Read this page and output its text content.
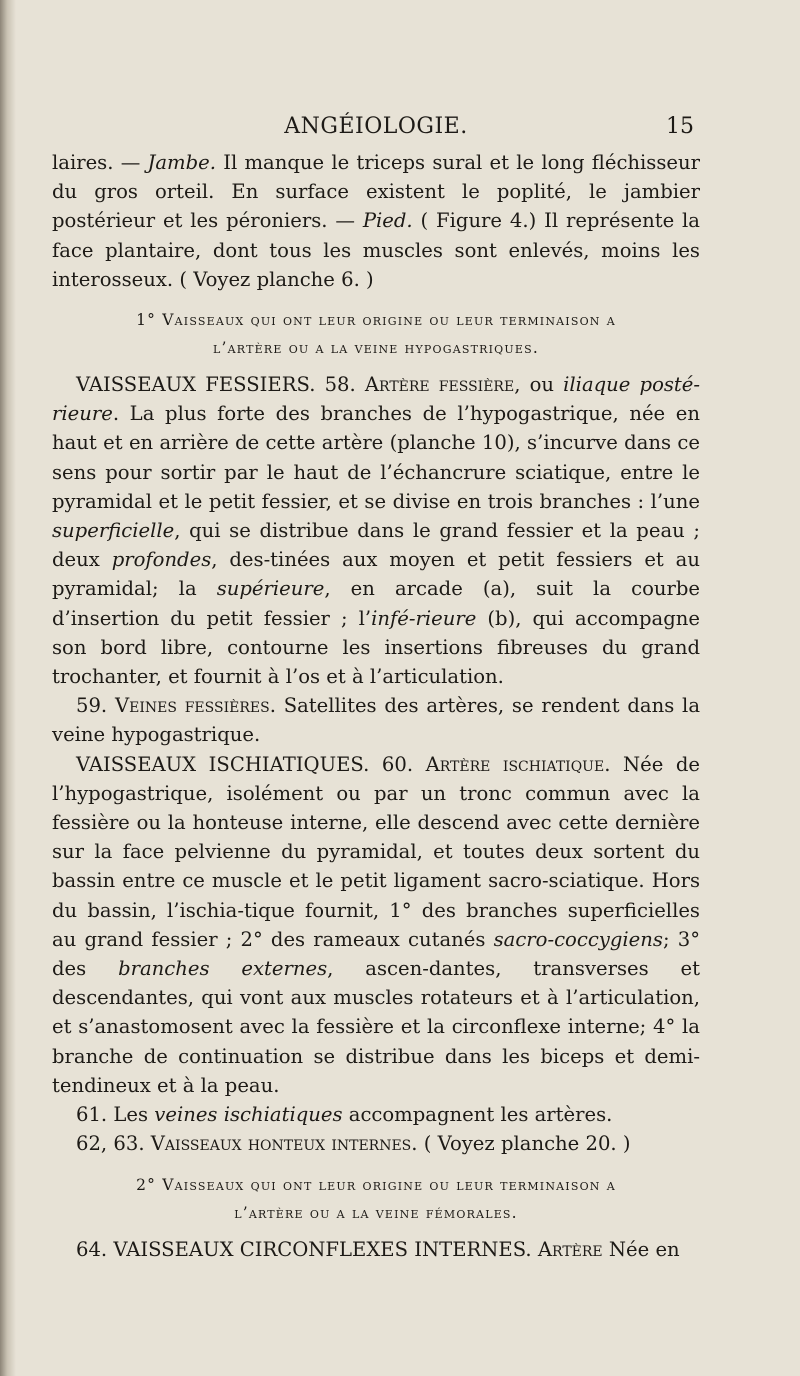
ANGÉIOLOGIE.	15

laires. — Jambe. Il manque le triceps sural et le long fléchisseur du gros orteil. En surface existent le poplité, le jambier postérieur et les péroniers. — Pied. ( Figure 4.) Il représente la face plantaire, dont tous les muscles sont enlevés, moins les interosseux. ( Voyez planche 6. )

1° Vaisseaux qui ont leur origine ou leur terminaison a
l’artère ou a la veine hypogastriques.

VAISSEAUX FESSIERS. 58. Artère fessière, ou iliaque posté-rieure. La plus forte des branches de l’hypogastrique, née en haut et en arrière de cette artère (planche 10), s’incurve dans ce sens pour sortir par le haut de l’échancrure sciatique, entre le pyramidal et le petit fessier, et se divise en trois branches : l’une superficielle, qui se distribue dans le grand fessier et la peau ; deux profondes, des-tinées aux moyen et petit fessiers et au pyramidal; la supérieure, en arcade (a), suit la courbe d’insertion du petit fessier ; l’infé-rieure (b), qui accompagne son bord libre, contourne les insertions fibreuses du grand trochanter, et fournit à l’os et à l’articulation.

59. Veines fessières. Satellites des artères, se rendent dans la veine hypogastrique.

VAISSEAUX ISCHIATIQUES. 60. Artère ischiatique. Née de l’hypogastrique, isolément ou par un tronc commun avec la fessière ou la honteuse interne, elle descend avec cette dernière sur la face pelvienne du pyramidal, et toutes deux sortent du bassin entre ce muscle et le petit ligament sacro-sciatique. Hors du bassin, l’ischia-tique fournit, 1° des branches superficielles au grand fessier ; 2° des rameaux cutanés sacro-coccygiens; 3° des branches externes, ascen-dantes, transverses et descendantes, qui vont aux muscles rotateurs et à l’articulation, et s’anastomosent avec la fessière et la circonflexe interne; 4° la branche de continuation se distribue dans les biceps et demi-tendineux et à la peau.

61. Les veines ischiatiques accompagnent les artères.

62, 63. Vaisseaux honteux internes. ( Voyez planche 20. )

2° Vaisseaux qui ont leur origine ou leur terminaison a
l’artère ou a la veine fémorales.

64. VAISSEAUX CIRCONFLEXES INTERNES. Artère Née en
